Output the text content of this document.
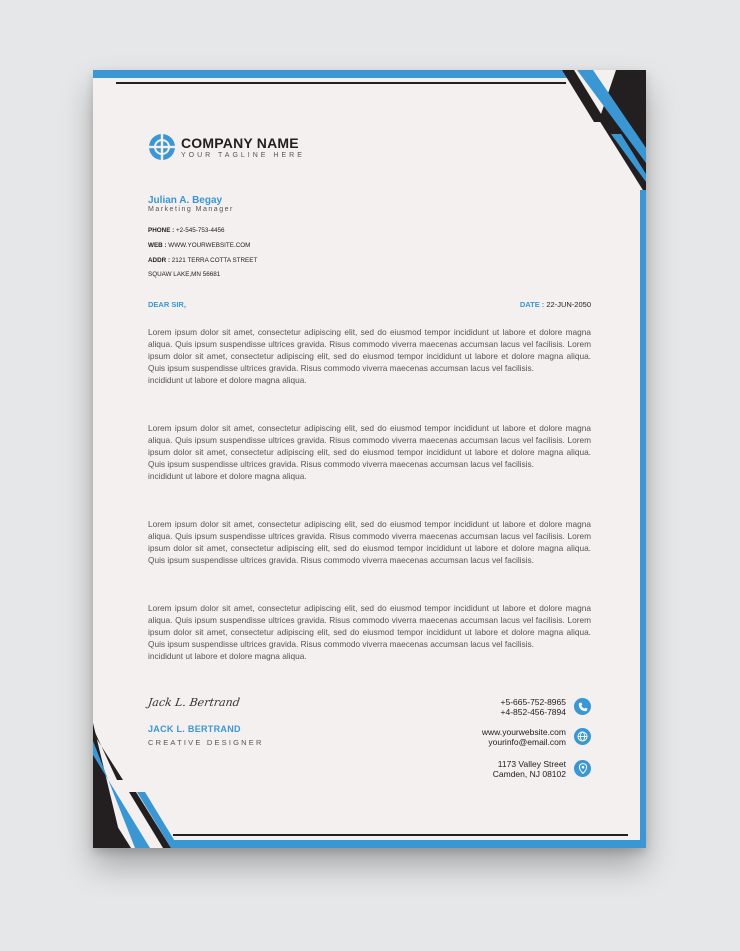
COMPANY NAME
YOUR TAGLINE HERE
Julian A. Begay
Marketing Manager
PHONE : +2-545-753-4456
WEB : WWW.YOURWEBSITE.COM
ADDR : 2121 TERRA COTTA STREET
SQUAW LAKE,MN 56681
DEAR SIR,	DATE : 22-JUN-2050

Lorem ipsum dolor sit amet, consectetur adipiscing elit, sed do eiusmod tempor incididunt ut labore et dolore magna aliqua. Quis ipsum suspendisse ultrices gravida. Risus commodo viverra maecenas accumsan lacus vel facilisis. Lorem ipsum dolor sit amet, consectetur adipiscing elit, sed do eiusmod tempor incididunt ut labore et dolore magna aliqua. Quis ipsum suspendisse ultrices gravida. Risus commodo viverra maecenas accumsan lacus vel facilisis.
incididunt ut labore et dolore magna aliqua.

Lorem ipsum dolor sit amet, consectetur adipiscing elit, sed do eiusmod tempor incididunt ut labore et dolore magna aliqua. Quis ipsum suspendisse ultrices gravida. Risus commodo viverra maecenas accumsan lacus vel facilisis. Lorem ipsum dolor sit amet, consectetur adipiscing elit, sed do eiusmod tempor incididunt ut labore et dolore magna aliqua. Quis ipsum suspendisse ultrices gravida. Risus commodo viverra maecenas accumsan lacus vel facilisis.
incididunt ut labore et dolore magna aliqua.

Lorem ipsum dolor sit amet, consectetur adipiscing elit, sed do eiusmod tempor incididunt ut labore et dolore magna aliqua. Quis ipsum suspendisse ultrices gravida. Risus commodo viverra maecenas accumsan lacus vel facilisis. Lorem ipsum dolor sit amet, consectetur adipiscing elit, sed do eiusmod tempor incididunt ut labore et dolore magna aliqua. Quis ipsum suspendisse ultrices gravida. Risus commodo viverra maecenas accumsan lacus vel facilisis.

Lorem ipsum dolor sit amet, consectetur adipiscing elit, sed do eiusmod tempor incididunt ut labore et dolore magna aliqua. Quis ipsum suspendisse ultrices gravida. Risus commodo viverra maecenas accumsan lacus vel facilisis. Lorem ipsum dolor sit amet, consectetur adipiscing elit, sed do eiusmod tempor incididunt ut labore et dolore magna aliqua. Quis ipsum suspendisse ultrices gravida. Risus commodo viverra maecenas accumsan lacus vel facilisis.
incididunt ut labore et dolore magna aliqua.

Jack L. Bertrand
JACK L. BERTRAND
CREATIVE DESIGNER
+5-665-752-8965
+4-852-456-7894
www.yourwebsite.com
yourinfo@email.com
1173 Valley Street
Camden, NJ 08102
